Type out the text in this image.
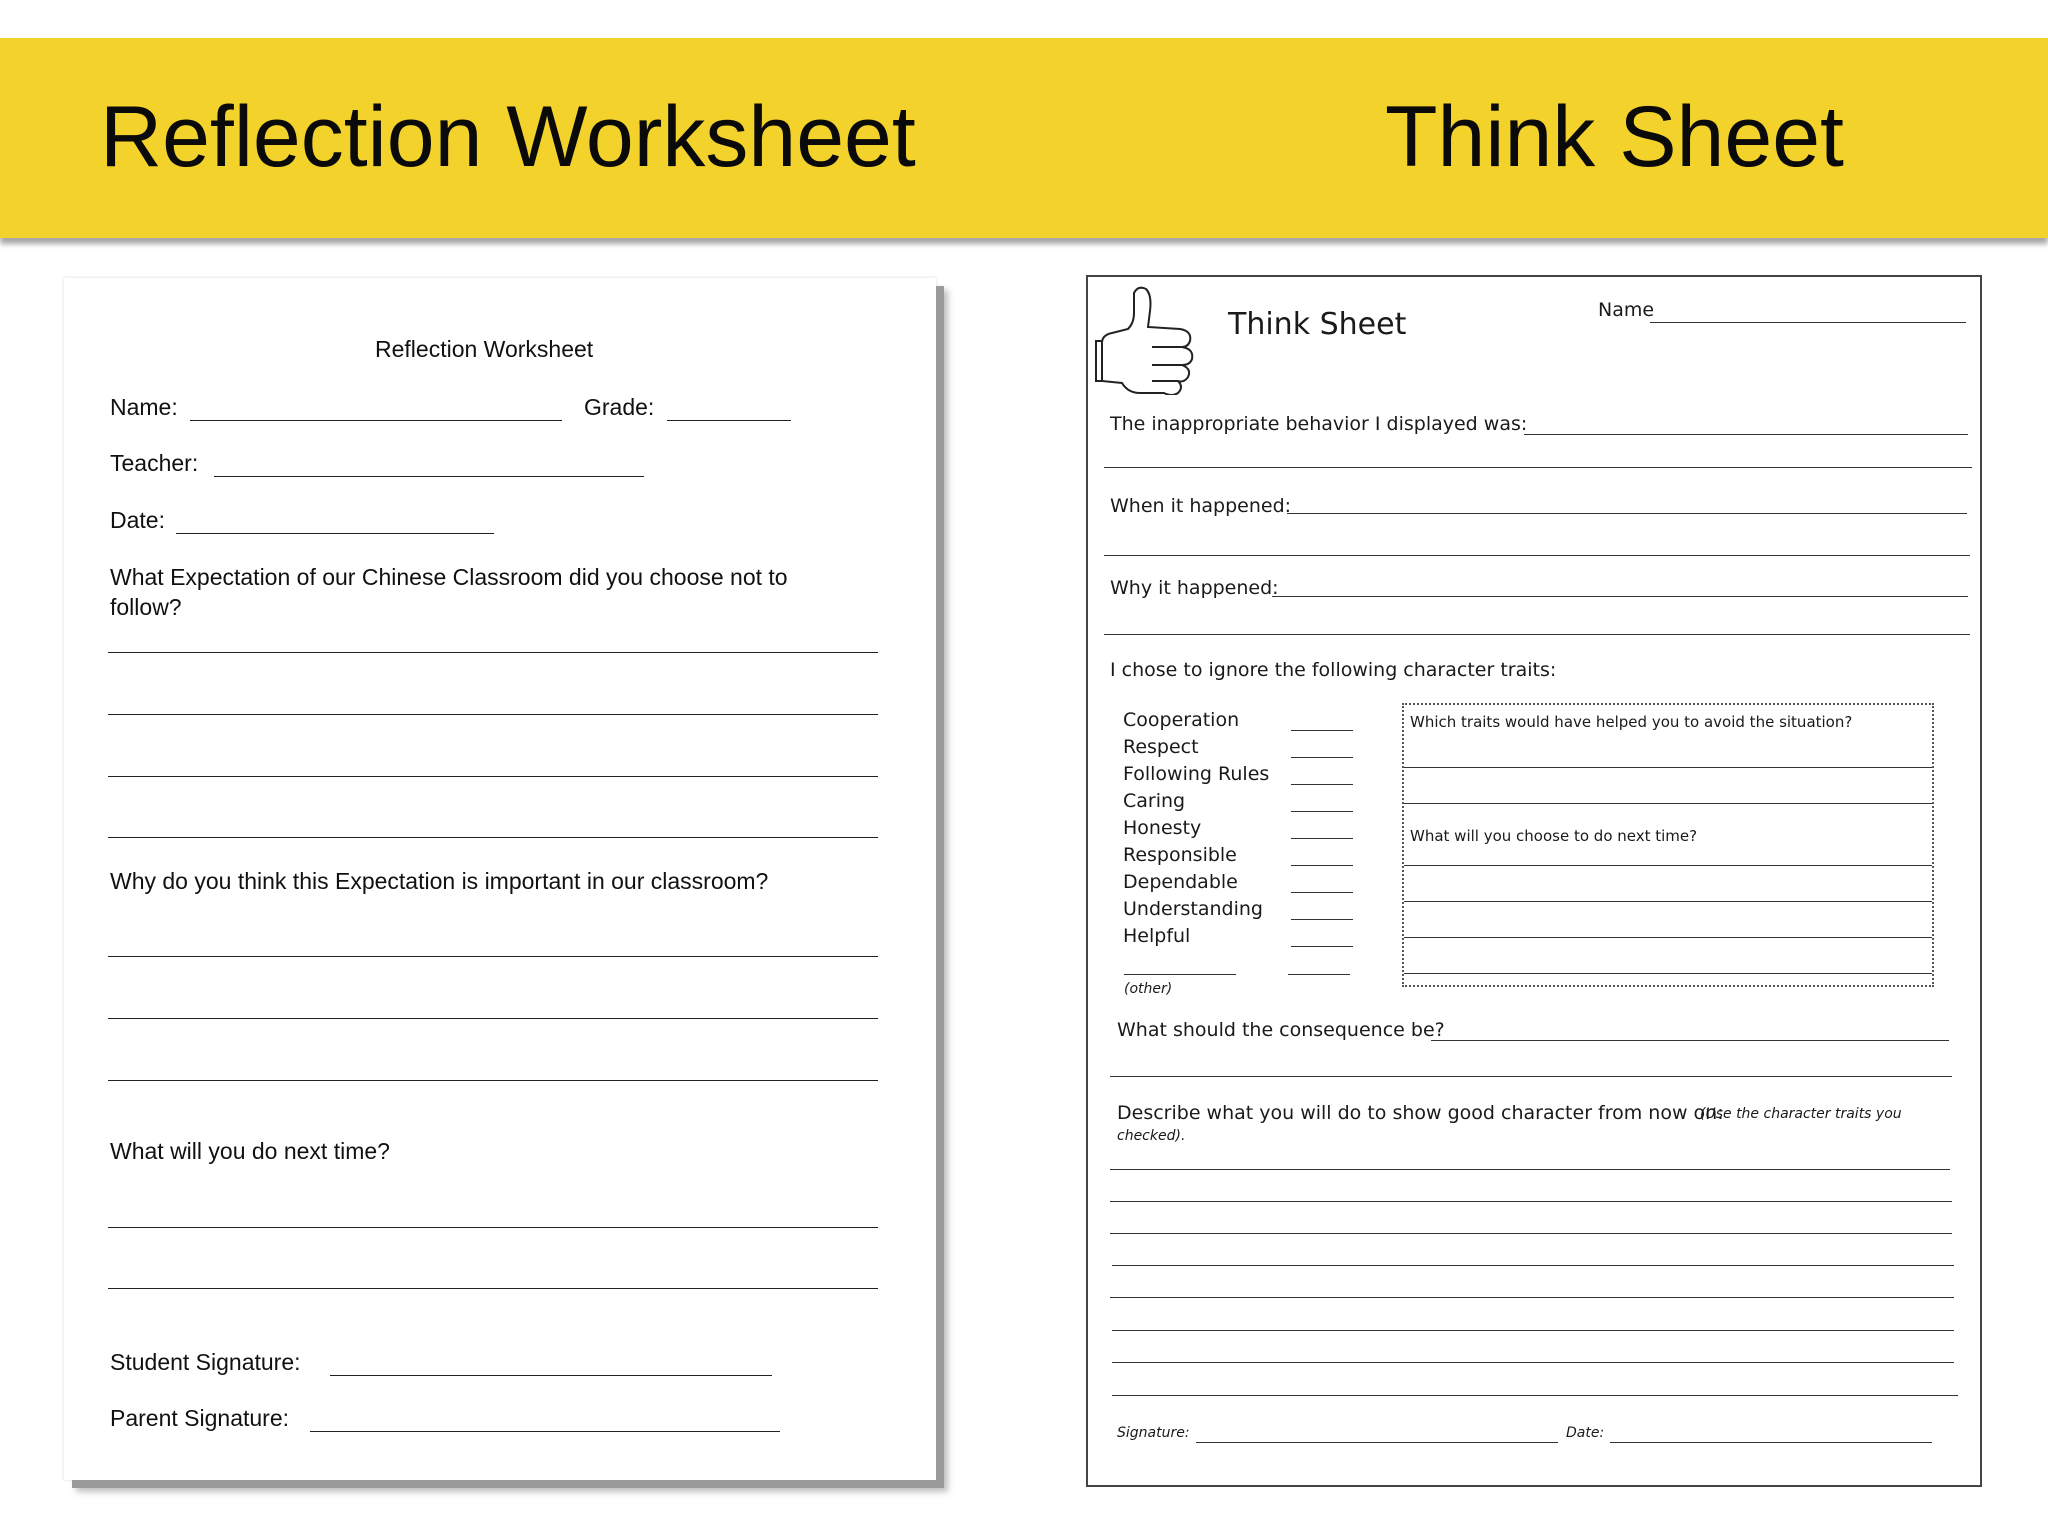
Reflection Worksheet	Think Sheet
Reflection Worksheet
Name:	Grade:
Teacher:
Date:
What Expectation of our Chinese Classroom did you choose not to
follow?
Why do you think this Expectation is important in our classroom?
What will you do next time?
Student Signature:
Parent Signature:
Think Sheet	Name
The inappropriate behavior I displayed was:
When it happened:
Why it happened:
I chose to ignore the following character traits:
Cooperation
Respect
Following Rules
Caring
Honesty
Responsible
Dependable
Understanding
Helpful
(other)
Which traits would have helped you to avoid the situation?
What will you choose to do next time?
What should the consequence be?
Describe what you will do to show good character from now on:
(Use the character traits you
checked).
Signature:	Date:
